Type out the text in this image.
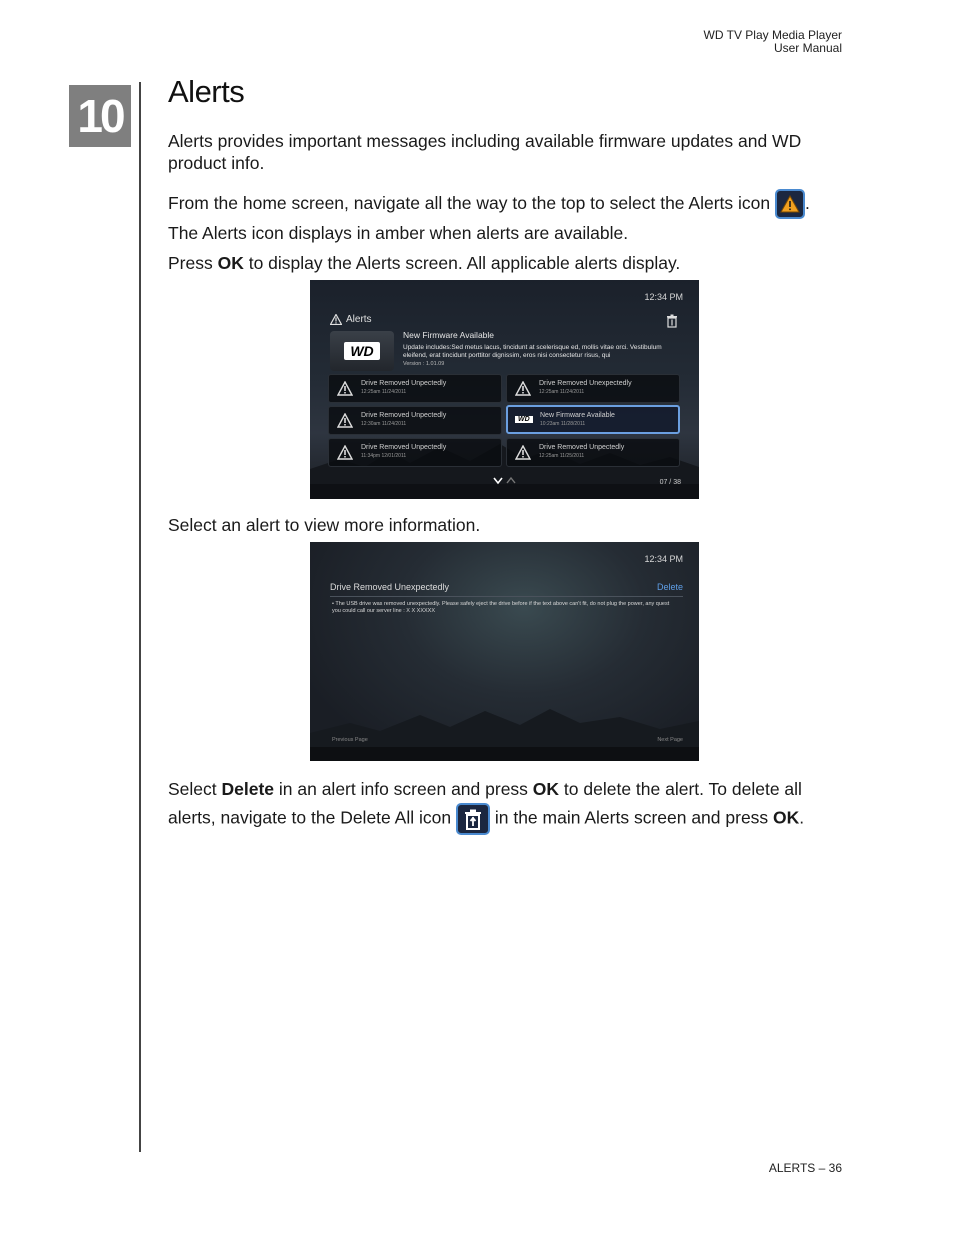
WD TV Play Media Player
User Manual
10 Alerts

Alerts provides important messages including available firmware updates and WD product info.

From the home screen, navigate all the way to the top to select the Alerts icon . The Alerts icon displays in amber when alerts are available.

Press OK to display the Alerts screen. All applicable alerts display.

12:34 PM
Alerts
WD
New Firmware Available
Update includes:Sed metus lacus, tincidunt at scelerisque ed, mollis vitae orci. Vestibulum eleifend, erat tincidunt porttitor dignissim, eros nisi consectetur risus, qui
Version : 1.01.09
Drive Removed Unpectedly
12:25am 11/24/2011
Drive Removed Unexpectedly
12:25am 11/24/2011
Drive Removed Unpectedly
12:30am 11/24/2011
WD
New Firmware Available
10:23am 11/28/2011
Drive Removed Unpectedly
11:34pm 12/01/2011
Drive Removed Unpectedly
12:25am 11/25/2011
07 / 38

Select an alert to view more information.

12:34 PM
Drive Removed Unexpectedly	Delete
• The USB drive was removed unexpectedly. Please safely eject the drive before if the text above can't fit, do not plug the power, any quest you could call our server line : X X XXXXX
Previous Page	Next Page

Select Delete in an alert info screen and press OK to delete the alert. To delete all alerts, navigate to the Delete All icon	in the main Alerts screen and press OK.

ALERTS – 36
